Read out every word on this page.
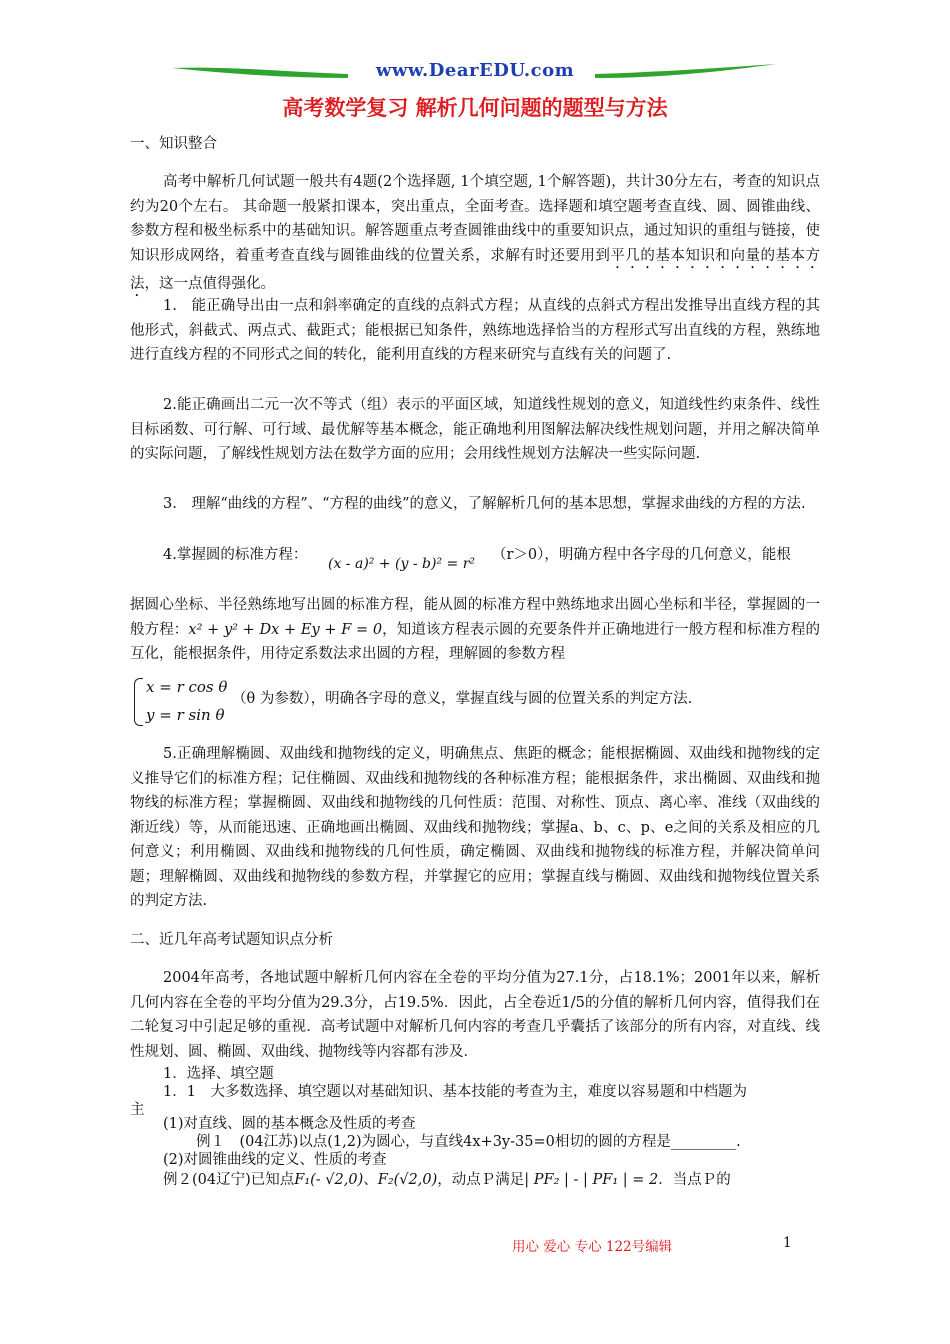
www.DearEDU.com
高考数学复习 解析几何问题的题型与方法
一、知识整合
高考中解析几何试题一般共有4题(2个选择题, 1个填空题, 1个解答题)，共计30分左右，考查的知识点约为20个左右。 其命题一般紧扣课本，突出重点，全面考查。选择题和填空题考查直线、圆、圆锥曲线、参数方程和极坐标系中的基础知识。解答题重点考查圆锥曲线中的重要知识点，通过知识的重组与链接，使知识形成网络，着重考查直线与圆锥曲线的位置关系，求解有时还要用到平几的基本知识和向量的基本方法，这一点值得强化。
1.　能正确导出由一点和斜率确定的直线的点斜式方程；从直线的点斜式方程出发推导出直线方程的其他形式，斜截式、两点式、截距式；能根据已知条件，熟练地选择恰当的方程形式写出直线的方程，熟练地进行直线方程的不同形式之间的转化，能利用直线的方程来研究与直线有关的问题了.
2.能正确画出二元一次不等式（组）表示的平面区域，知道线性规划的意义，知道线性约束条件、线性目标函数、可行解、可行域、最优解等基本概念，能正确地利用图解法解决线性规划问题，并用之解决简单的实际问题，了解线性规划方法在数学方面的应用；会用线性规划方法解决一些实际问题.
3.　理解“曲线的方程”、“方程的曲线”的意义，了解解析几何的基本思想，掌握求曲线的方程的方法.
4.掌握圆的标准方程：
(x - a)² + (y - b)² = r²
（r＞0），明确方程中各字母的几何意义，能根
据圆心坐标、半径熟练地写出圆的标准方程，能从圆的标准方程中熟练地求出圆心坐标和半径，掌握圆的一般方程：x² + y² + Dx + Ey + F = 0，知道该方程表示圆的充要条件并正确地进行一般方程和标准方程的互化，能根据条件，用待定系数法求出圆的方程，理解圆的参数方程
x = r cos θ
y = r sin θ
（θ 为参数），明确各字母的意义，掌握直线与圆的位置关系的判定方法.
5.正确理解椭圆、双曲线和抛物线的定义，明确焦点、焦距的概念；能根据椭圆、双曲线和抛物线的定义推导它们的标准方程；记住椭圆、双曲线和抛物线的各种标准方程；能根据条件，求出椭圆、双曲线和抛物线的标准方程；掌握椭圆、双曲线和抛物线的几何性质：范围、对称性、顶点、离心率、准线（双曲线的渐近线）等，从而能迅速、正确地画出椭圆、双曲线和抛物线；掌握a、b、c、p、e之间的关系及相应的几何意义；利用椭圆、双曲线和抛物线的几何性质，确定椭圆、双曲线和抛物线的标准方程，并解决简单问题；理解椭圆、双曲线和抛物线的参数方程，并掌握它的应用；掌握直线与椭圆、双曲线和抛物线位置关系的判定方法.
二、近几年高考试题知识点分析
2004年高考，各地试题中解析几何内容在全卷的平均分值为27.1分，占18.1%；2001年以来，解析几何内容在全卷的平均分值为29.3分，占19.5%．因此，占全卷近1/5的分值的解析几何内容，值得我们在二轮复习中引起足够的重视．高考试题中对解析几何内容的考查几乎囊括了该部分的所有内容，对直线、线性规划、圆、椭圆、双曲线、抛物线等内容都有涉及．
1．选择、填空题
1．1　大多数选择、填空题以对基础知识、基本技能的考查为主，难度以容易题和中档题为
主
(1)对直线、圆的基本概念及性质的考查
例１　(04江苏)以点(1,2)为圆心，与直线4x+3y-35=0相切的圆的方程是_________.
(2)对圆锥曲线的定义、性质的考查
例２(04辽宁)已知点F₁(- √2,0)、F₂(√2,0)，动点Ｐ满足| PF₂ | - | PF₁ | = 2．当点Ｐ的
用心 爱心 专心 122号编辑	1
